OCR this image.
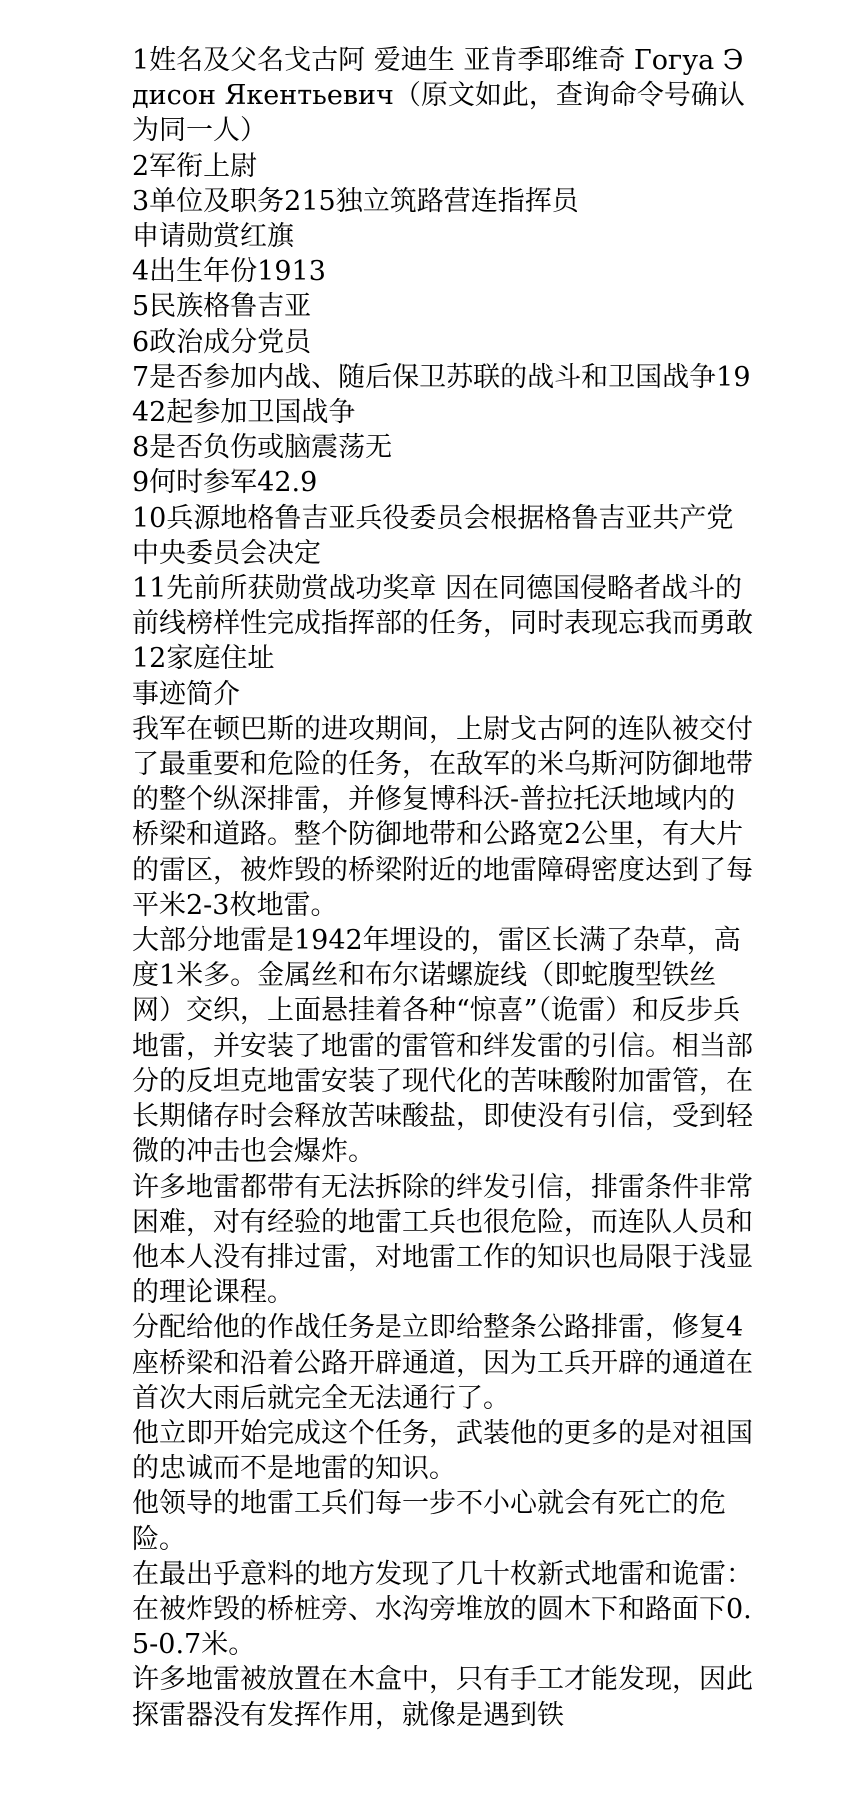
1姓名及父名戈古阿 爱迪生 亚肯季耶维奇 Гогуа Эдисон Якентьевич（原文如此，查询命令号确认为同一人）

2军衔上尉

3单位及职务215独立筑路营连指挥员

申请勋赏红旗

4出生年份1913

5民族格鲁吉亚

6政治成分党员

7是否参加内战、随后保卫苏联的战斗和卫国战争1942起参加卫国战争

8是否负伤或脑震荡无

9何时参军42.9

10兵源地格鲁吉亚兵役委员会根据格鲁吉亚共产党中央委员会决定

11先前所获勋赏战功奖章 因在同德国侵略者战斗的前线榜样性完成指挥部的任务，同时表现忘我而勇敢

12家庭住址

事迹简介

我军在顿巴斯的进攻期间，上尉戈古阿的连队被交付了最重要和危险的任务，在敌军的米乌斯河防御地带的整个纵深排雷，并修复博科沃-普拉托沃地域内的桥梁和道路。整个防御地带和公路宽2公里，有大片的雷区，被炸毁的桥梁附近的地雷障碍密度达到了每平米2-3枚地雷。

大部分地雷是1942年埋设的，雷区长满了杂草，高度1米多。金属丝和布尔诺螺旋线（即蛇腹型铁丝网）交织，上面悬挂着各种“惊喜”（诡雷）和反步兵地雷，并安装了地雷的雷管和绊发雷的引信。相当部分的反坦克地雷安装了现代化的苦味酸附加雷管，在长期储存时会释放苦味酸盐，即使没有引信，受到轻微的冲击也会爆炸。

许多地雷都带有无法拆除的绊发引信，排雷条件非常困难，对有经验的地雷工兵也很危险，而连队人员和他本人没有排过雷，对地雷工作的知识也局限于浅显的理论课程。

分配给他的作战任务是立即给整条公路排雷，修复4座桥梁和沿着公路开辟通道，因为工兵开辟的通道在首次大雨后就完全无法通行了。

他立即开始完成这个任务，武装他的更多的是对祖国的忠诚而不是地雷的知识。

他领导的地雷工兵们每一步不小心就会有死亡的危险。

在最出乎意料的地方发现了几十枚新式地雷和诡雷：在被炸毁的桥桩旁、水沟旁堆放的圆木下和路面下0.5-0.7米。

许多地雷被放置在木盒中，只有手工才能发现，因此探雷器没有发挥作用，就像是遇到铁
